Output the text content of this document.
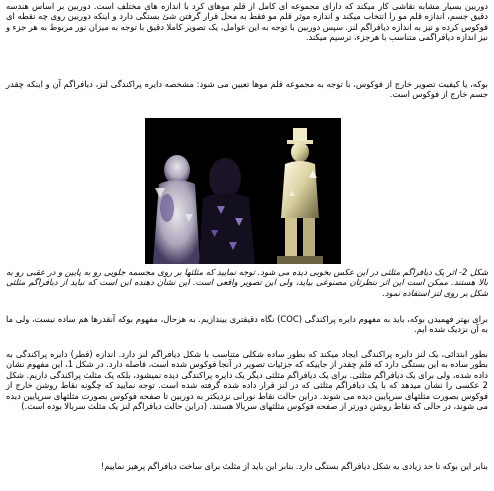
دوربین بسیار مشابه نقاشی کار میکند که دارای مجموعه ای کامل از قلم موهای کرد با اندازه های مختلف است. دوربین بر اساس هندسه دقیق جسم، اندازه قلم مو را انتخاب میکند و اندازه موثر قلم مو فقط به محل قرار گرفتن شئ بستگی دارد و اینکه دوربین روی چه نقطه ای فوکوس کرده و نیز به اندازه دیافراگم لنز. سپس دوربین با توجه به این عوامل، یک تصویر کاملا دقیق با توجه به میزان نور مربوط به هر جزء و نیز اندازه دیافراگمی متناسب با هرجزء، ترسیم میکند.

بوکه، یا کیفیت تصویر خارج از فوکوس، با توجه به مجموعه قلم موها تعیین می شود: مشخصه دایره پراکندگی لنز، دیافراگم آن و اینکه چقدر جسم خارج از فوکوس است.

شکل 2- اثر یک دیافراگم مثلثی در این عکس بخوبی دیده می شود. توجه نمایید که مثلثها بر روی مجسمه جلویی رو به پایین و در عقبی رو به بالا هستند. ممکن است این اثر بنظرتان مصنوعی بیاید، ولی این تصویر واقعی است. این نشان دهنده این است که نباید از دیافراگم مثلثی شکل بر روی لنز استفاده نمود.

برای بهتر فهمیدن بوکه، باید به مفهوم دایره پراکندگی (COC) نگاه دقیقتری بیندازیم. به هرحال، مفهوم بوکه آنقدرها هم ساده نیست، ولی ما به آن نزدیک شده ایم.

بطور ابتدائی، یک لنز دایره پراکندگی ایجاد میکند که بطور ساده شکلی متناسب با شکل دیافراگم لنز دارد. اندازه (قطر) دایره پراکندگی به بطور ساده به این بستگی دارد که قلم چقدر از جاییکه که جزئیات تصویر در آنجا فوکوس شده است، فاصله دارد. در شکل 1، این مفهوم نشان داده شده، ولی برای یک دیافراگم مثلثی. برای یک دیافراگم مثلثی دیگر یک دایره پراکندگی دیده نمیشود، بلکه یک مثلث پراکندگی داریم. شکل 2 عکسی را نشان میدهد که با یک دیافراگم مثلثی که در لنز قرار داده شده گرفته شده است. توجه نمایید که چگونه نقاط روشن خارج از فوکوس بصورت مثلثهای سرپایین دیده می شوند. دراین حالت نقاط نورانی نزدیکتر به دوربین تا صفحه فوکوس بصورت مثلثهای سرپایین دیده می شوند، در حالی که نقاط روشن دورتر از صفحه فوکوس مثلثهای سربالا هستند. (دراین حالت دیافراگم لنز یک مثلث سربالا بوده است.)

بنابر این بوکه تا حد زیادی به شکل دیافراگم بستگی دارد. بنابر این باید از مثلث برای ساخت دیافراگم پرهیز نماییم!
